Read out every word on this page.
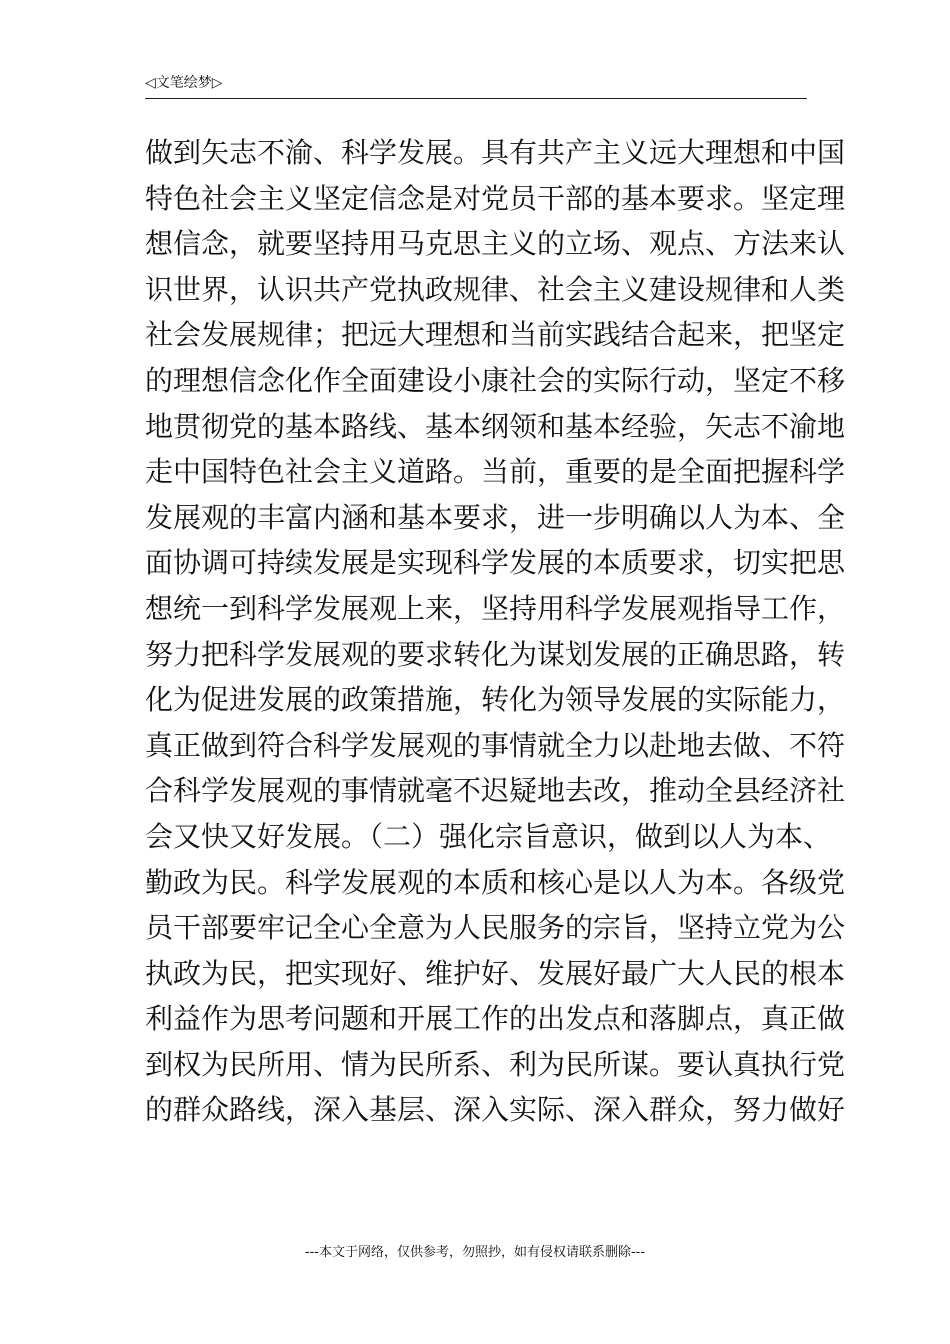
◁文笔绘梦▷
做到矢志不渝、科学发展。具有共产主义远大理想和中国
特色社会主义坚定信念是对党员干部的基本要求。坚定理
想信念，就要坚持用马克思主义的立场、观点、方法来认
识世界，认识共产党执政规律、社会主义建设规律和人类
社会发展规律；把远大理想和当前实践结合起来，把坚定
的理想信念化作全面建设小康社会的实际行动，坚定不移
地贯彻党的基本路线、基本纲领和基本经验，矢志不渝地
走中国特色社会主义道路。当前，重要的是全面把握科学
发展观的丰富内涵和基本要求，进一步明确以人为本、全
面协调可持续发展是实现科学发展的本质要求，切实把思
想统一到科学发展观上来，坚持用科学发展观指导工作，
努力把科学发展观的要求转化为谋划发展的正确思路，转
化为促进发展的政策措施，转化为领导发展的实际能力，
真正做到符合科学发展观的事情就全力以赴地去做、不符
合科学发展观的事情就毫不迟疑地去改，推动全县经济社
会又快又好发展。（二）强化宗旨意识，做到以人为本、
勤政为民。科学发展观的本质和核心是以人为本。各级党
员干部要牢记全心全意为人民服务的宗旨，坚持立党为公
执政为民，把实现好、维护好、发展好最广大人民的根本
利益作为思考问题和开展工作的出发点和落脚点，真正做
到权为民所用、情为民所系、利为民所谋。要认真执行党
的群众路线，深入基层、深入实际、深入群众，努力做好
---本文于网络，仅供参考，勿照抄，如有侵权请联系删除---
